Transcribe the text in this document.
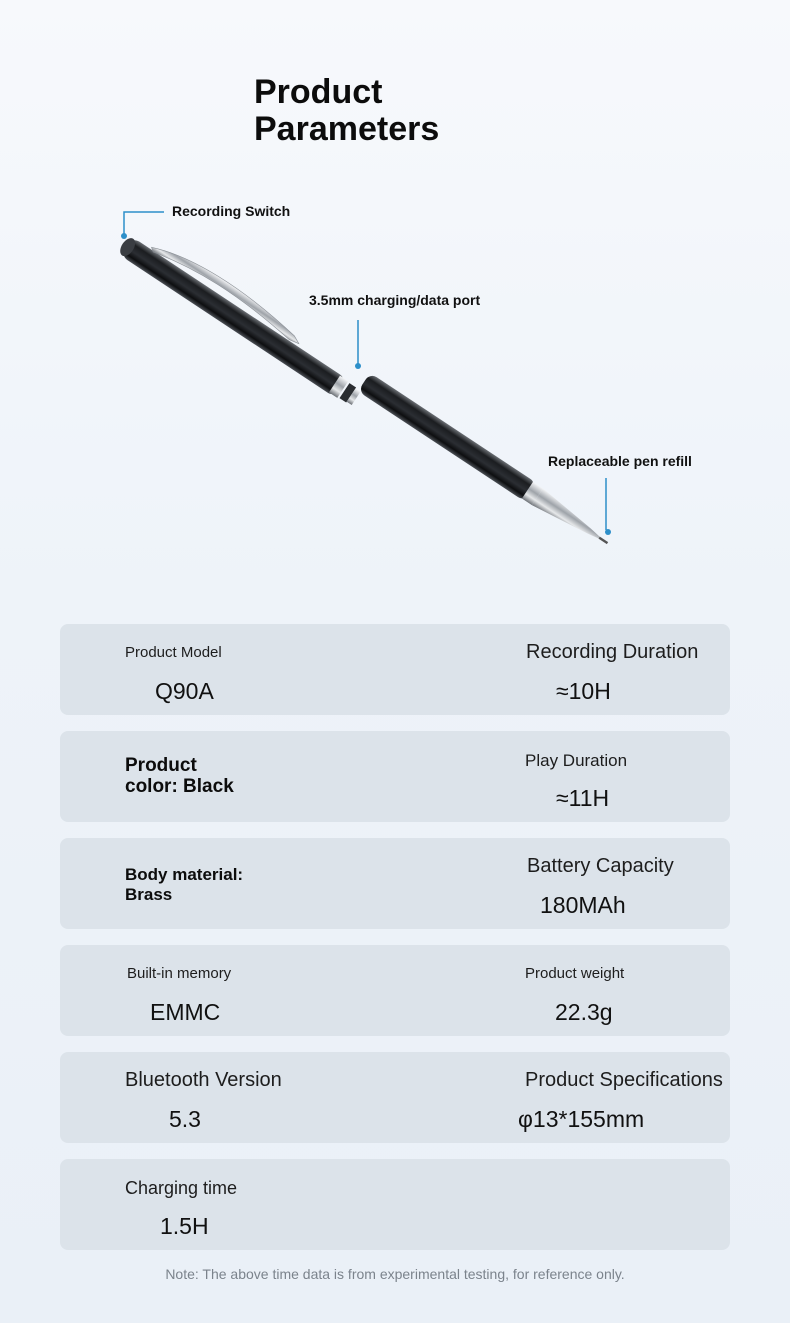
Product
Parameters
Recording Switch
3.5mm charging/data port
Replaceable pen refill
Product Model
Q90A
Recording Duration
≈10H
Product
color: Black
Play Duration
≈11H
Body material:
Brass
Battery Capacity
180MAh
Built-in memory
EMMC
Product weight
22.3g
Bluetooth Version
5.3
Product Specifications
φ13*155mm
Charging time
1.5H
Note: The above time data is from experimental testing, for reference only.
